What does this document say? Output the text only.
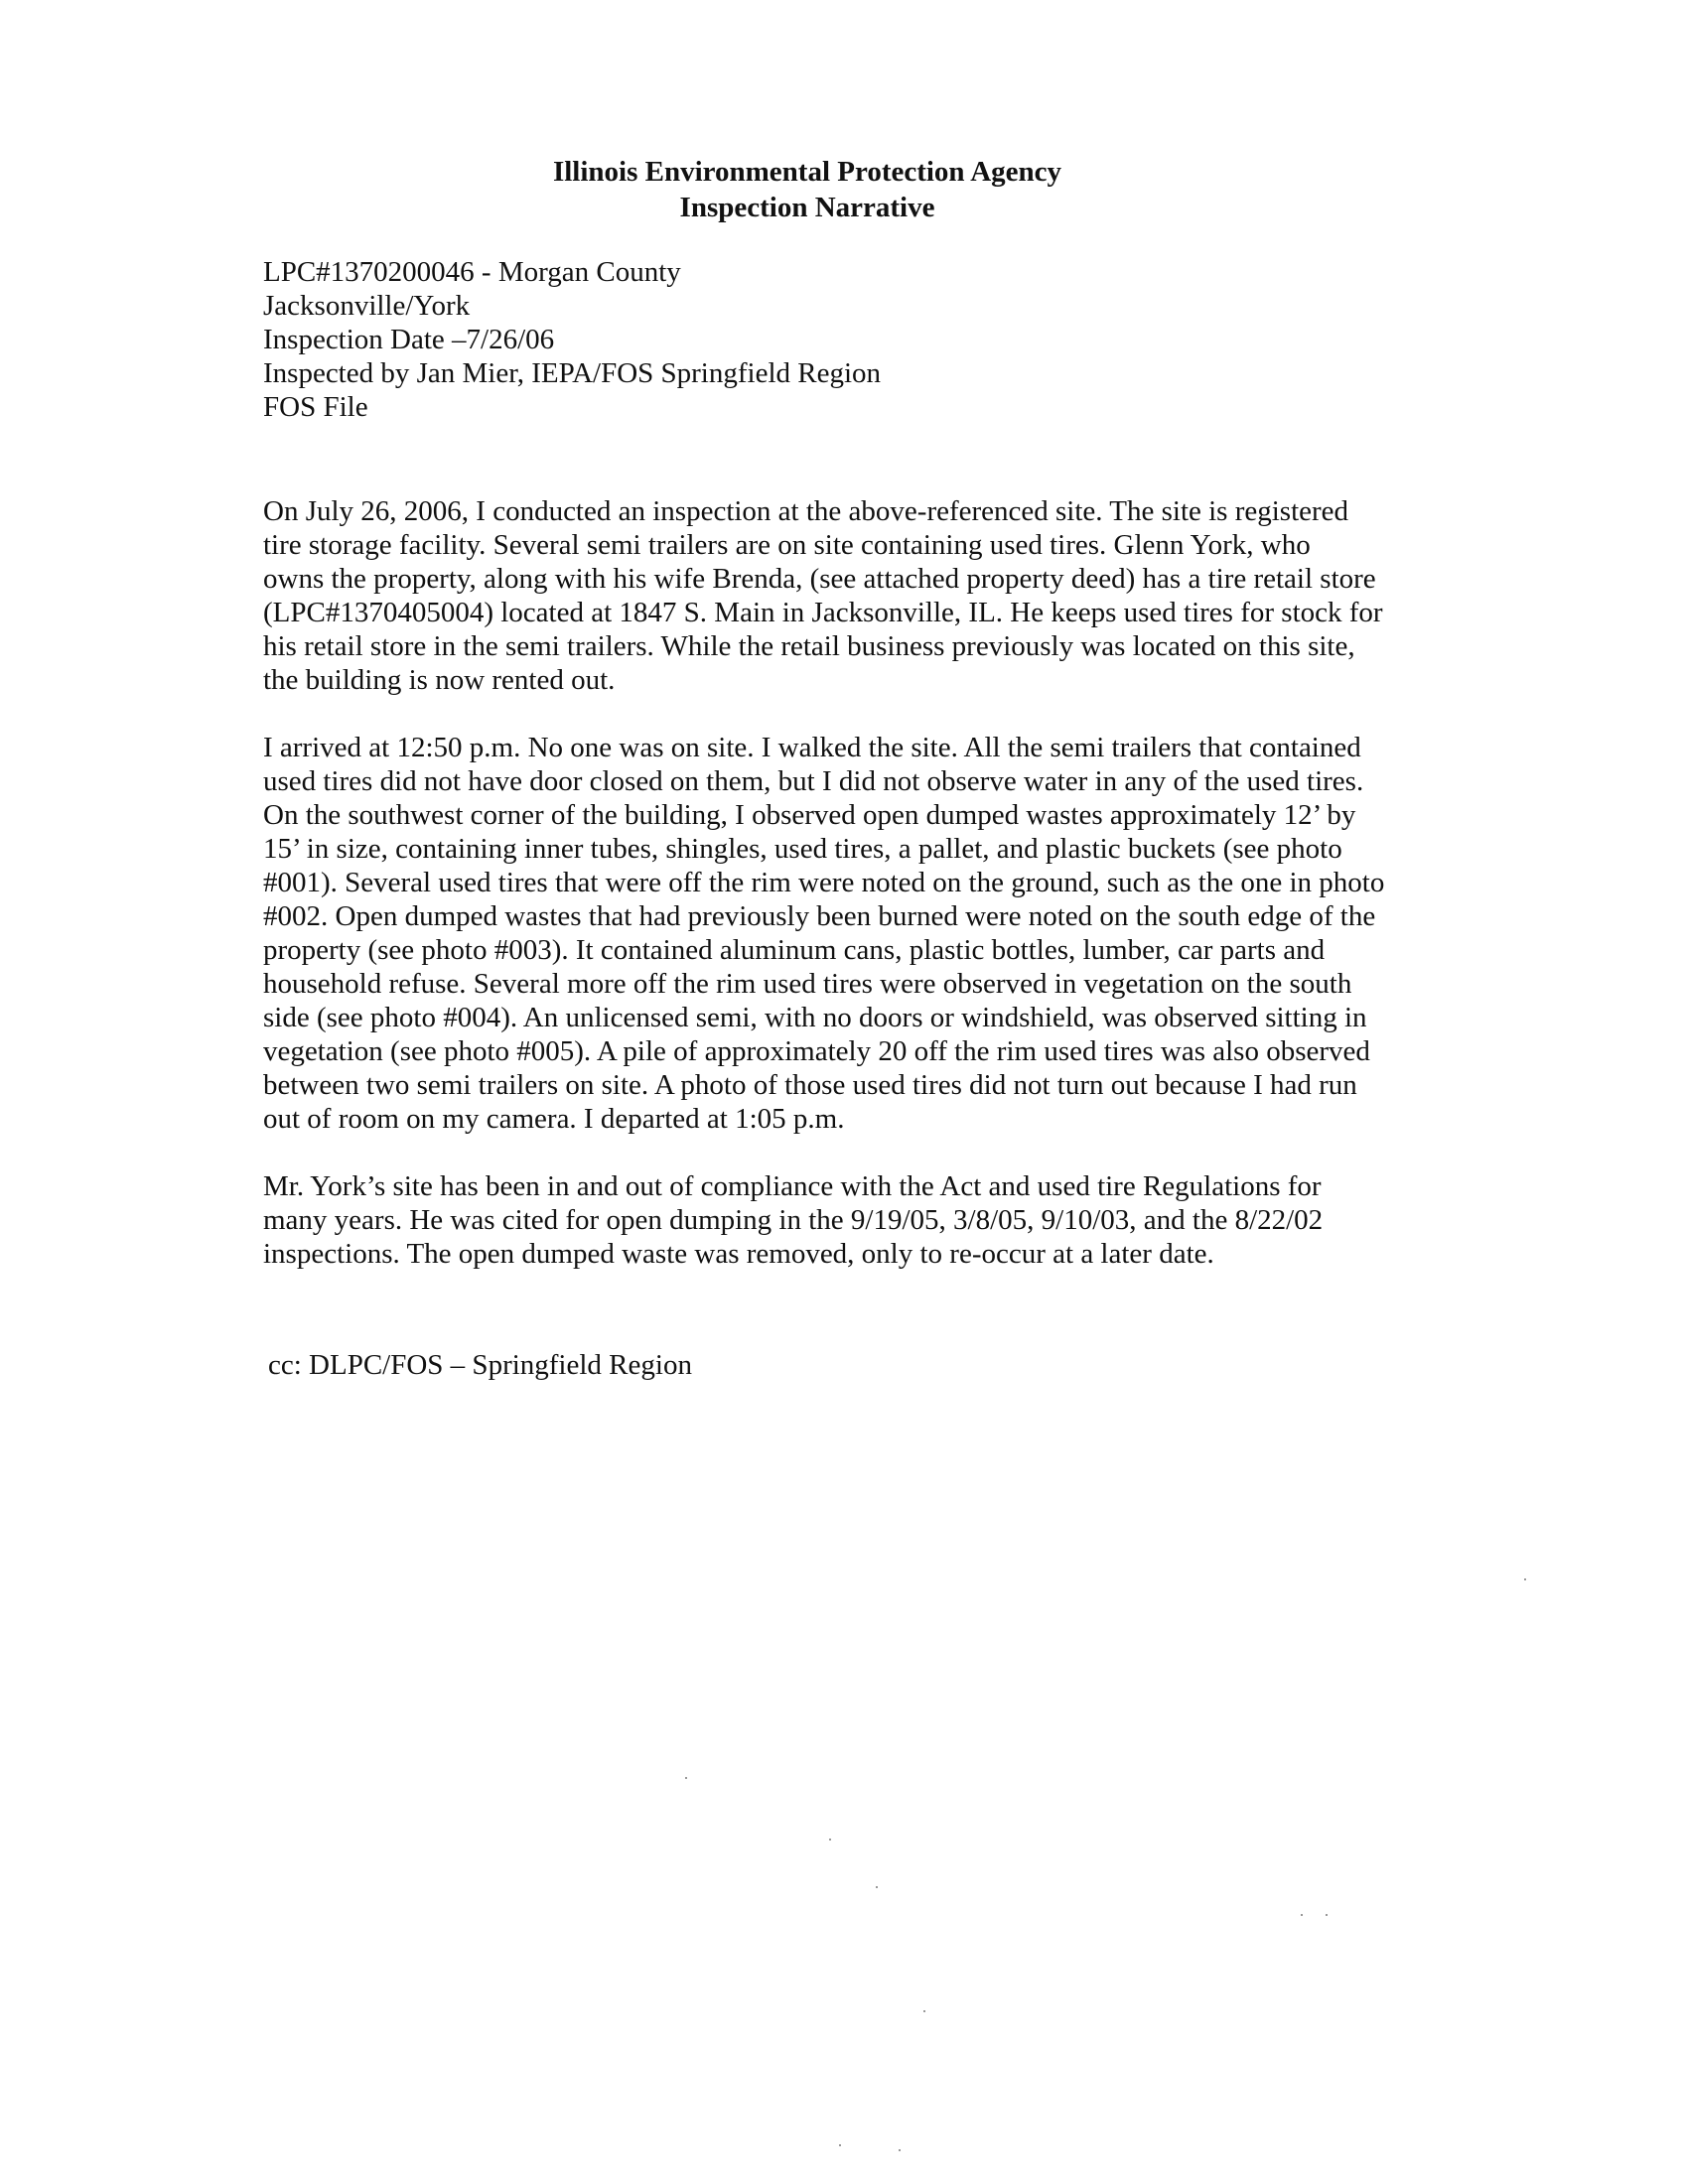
Illinois Environmental Protection Agency
Inspection Narrative
LPC#1370200046 - Morgan County
Jacksonville/York
Inspection Date –7/26/06
Inspected by Jan Mier, IEPA/FOS Springfield Region
FOS File
On July 26, 2006, I conducted an inspection at the above-referenced site. The site is registered
tire storage facility. Several semi trailers are on site containing used tires. Glenn York, who
owns the property, along with his wife Brenda, (see attached property deed) has a tire retail store
(LPC#1370405004) located at 1847 S. Main in Jacksonville, IL. He keeps used tires for stock for
his retail store in the semi trailers. While the retail business previously was located on this site,
the building is now rented out.
I arrived at 12:50 p.m. No one was on site. I walked the site. All the semi trailers that contained
used tires did not have door closed on them, but I did not observe water in any of the used tires.
On the southwest corner of the building, I observed open dumped wastes approximately 12’ by
15’ in size, containing inner tubes, shingles, used tires, a pallet, and plastic buckets (see photo
#001). Several used tires that were off the rim were noted on the ground, such as the one in photo
#002. Open dumped wastes that had previously been burned were noted on the south edge of the
property (see photo #003). It contained aluminum cans, plastic bottles, lumber, car parts and
household refuse. Several more off the rim used tires were observed in vegetation on the south
side (see photo #004). An unlicensed semi, with no doors or windshield, was observed sitting in
vegetation (see photo #005). A pile of approximately 20 off the rim used tires was also observed
between two semi trailers on site. A photo of those used tires did not turn out because I had run
out of room on my camera. I departed at 1:05 p.m.
Mr. York’s site has been in and out of compliance with the Act and used tire Regulations for
many years. He was cited for open dumping in the 9/19/05, 3/8/05, 9/10/03, and the 8/22/02
inspections. The open dumped waste was removed, only to re-occur at a later date.
cc: DLPC/FOS – Springfield Region
